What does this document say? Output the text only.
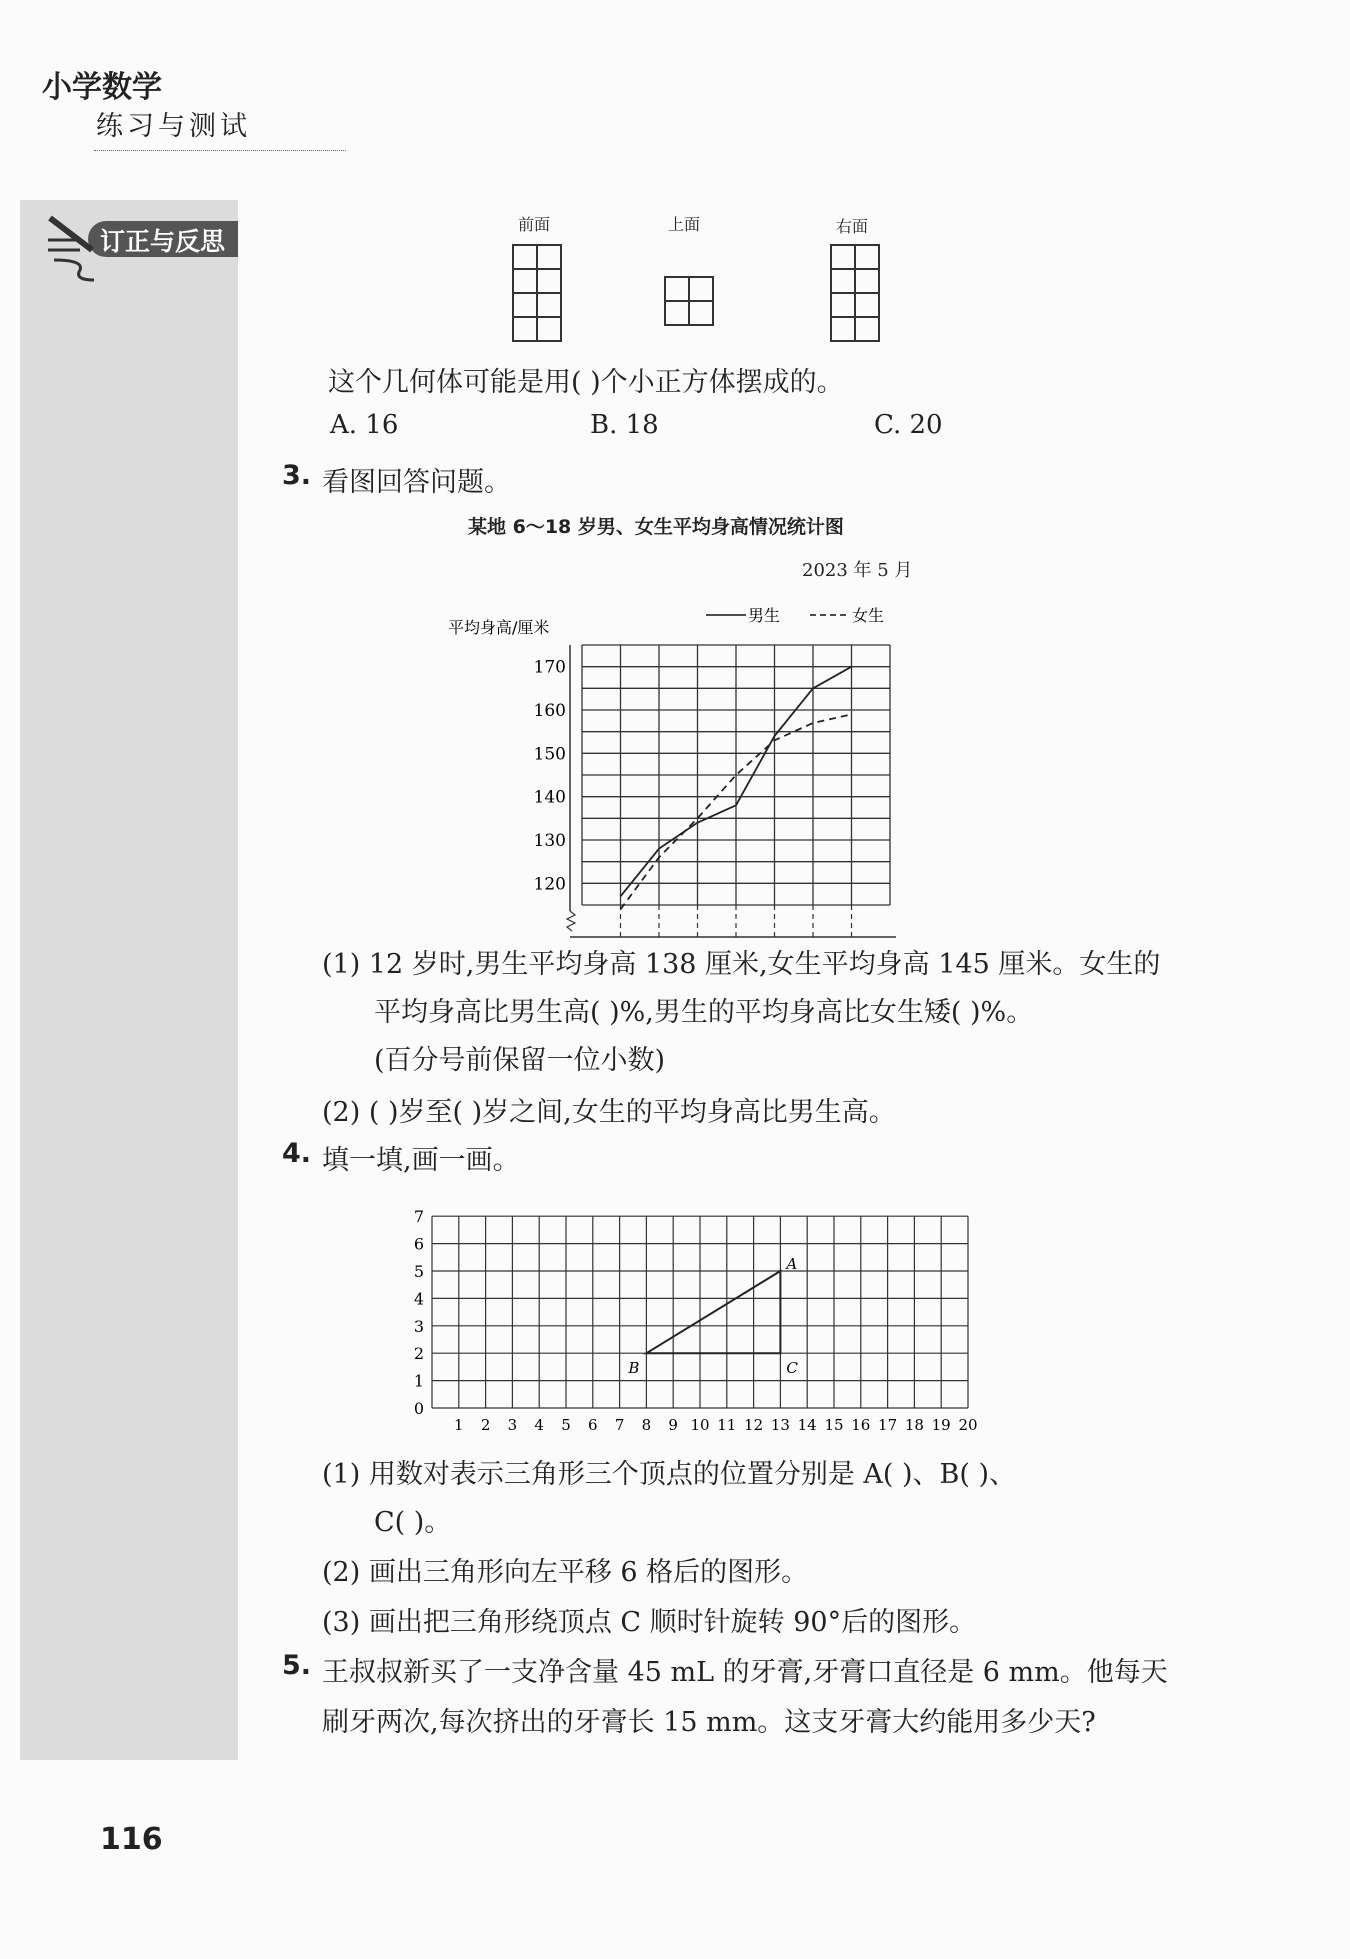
小学数学
练习与测试
订正与反思
前面	上面	右面

这个几何体可能是用( )个小正方体摆成的。
A. 16	B. 18	C. 20
3. 看图回答问题。
某地 6～18 岁男、女生平均身高情况统计图
2023 年 5 月
120
130
140
150
160
170
平均身高/厘米
男生	女生
(1) 12 岁时,男生平均身高 138 厘米,女生平均身高 145 厘米。女生的
平均身高比男生高( )%,男生的平均身高比女生矮( )%。
(百分号前保留一位小数)
(2) ( )岁至( )岁之间,女生的平均身高比男生高。
4. 填一填,画一画。
0
1
2
3
4
5
6
7
1 2 3 4 5 6 7 8 9 10 11 12 13 14 15 16 17 18 19 20
A
B	C
(1) 用数对表示三角形三个顶点的位置分别是 A( )、B( )、
C( )。
(2) 画出三角形向左平移 6 格后的图形。
(3) 画出把三角形绕顶点 C 顺时针旋转 90°后的图形。
5. 王叔叔新买了一支净含量 45 mL 的牙膏,牙膏口直径是 6 mm。他每天
刷牙两次,每次挤出的牙膏长 15 mm。这支牙膏大约能用多少天?
116
